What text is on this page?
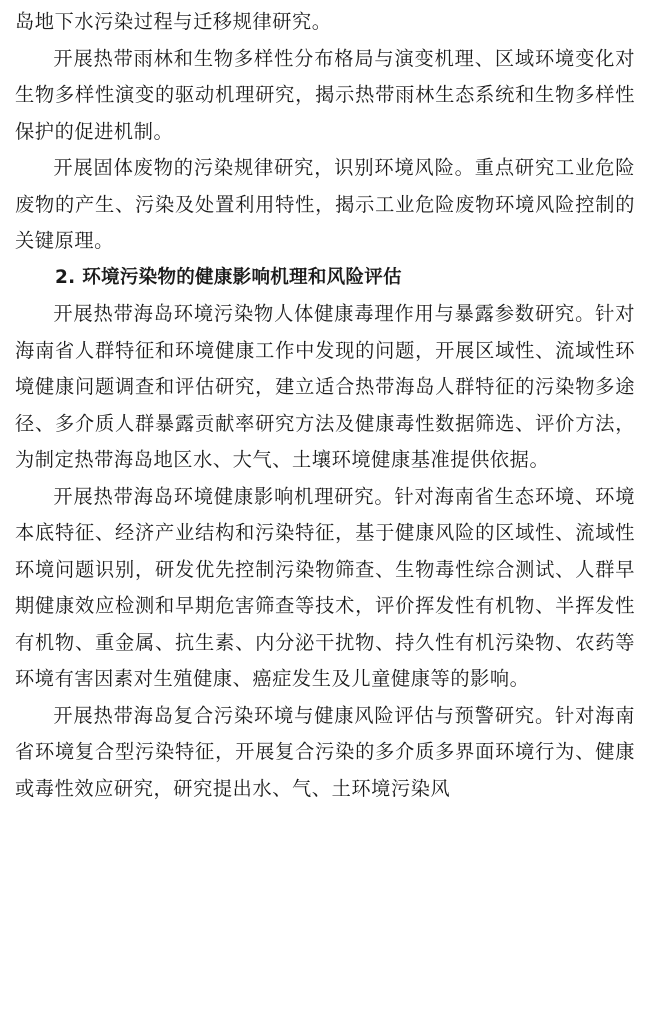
岛地下水污染过程与迁移规律研究。

开展热带雨林和生物多样性分布格局与演变机理、区域环境变化对生物多样性演变的驱动机理研究，揭示热带雨林生态系统和生物多样性保护的促进机制。

开展固体废物的污染规律研究，识别环境风险。重点研究工业危险废物的产生、污染及处置利用特性，揭示工业危险废物环境风险控制的关键原理。

2. 环境污染物的健康影响机理和风险评估

开展热带海岛环境污染物人体健康毒理作用与暴露参数研究。针对海南省人群特征和环境健康工作中发现的问题，开展区域性、流域性环境健康问题调查和评估研究，建立适合热带海岛人群特征的污染物多途径、多介质人群暴露贡献率研究方法及健康毒性数据筛选、评价方法，为制定热带海岛地区水、大气、土壤环境健康基准提供依据。

开展热带海岛环境健康影响机理研究。针对海南省生态环境、环境本底特征、经济产业结构和污染特征，基于健康风险的区域性、流域性环境问题识别，研发优先控制污染物筛查、生物毒性综合测试、人群早期健康效应检测和早期危害筛查等技术，评价挥发性有机物、半挥发性有机物、重金属、抗生素、内分泌干扰物、持久性有机污染物、农药等环境有害因素对生殖健康、癌症发生及儿童健康等的影响。

开展热带海岛复合污染环境与健康风险评估与预警研究。针对海南省环境复合型污染特征，开展复合污染的多介质多界面环境行为、健康或毒性效应研究，研究提出水、气、土环境污染风
